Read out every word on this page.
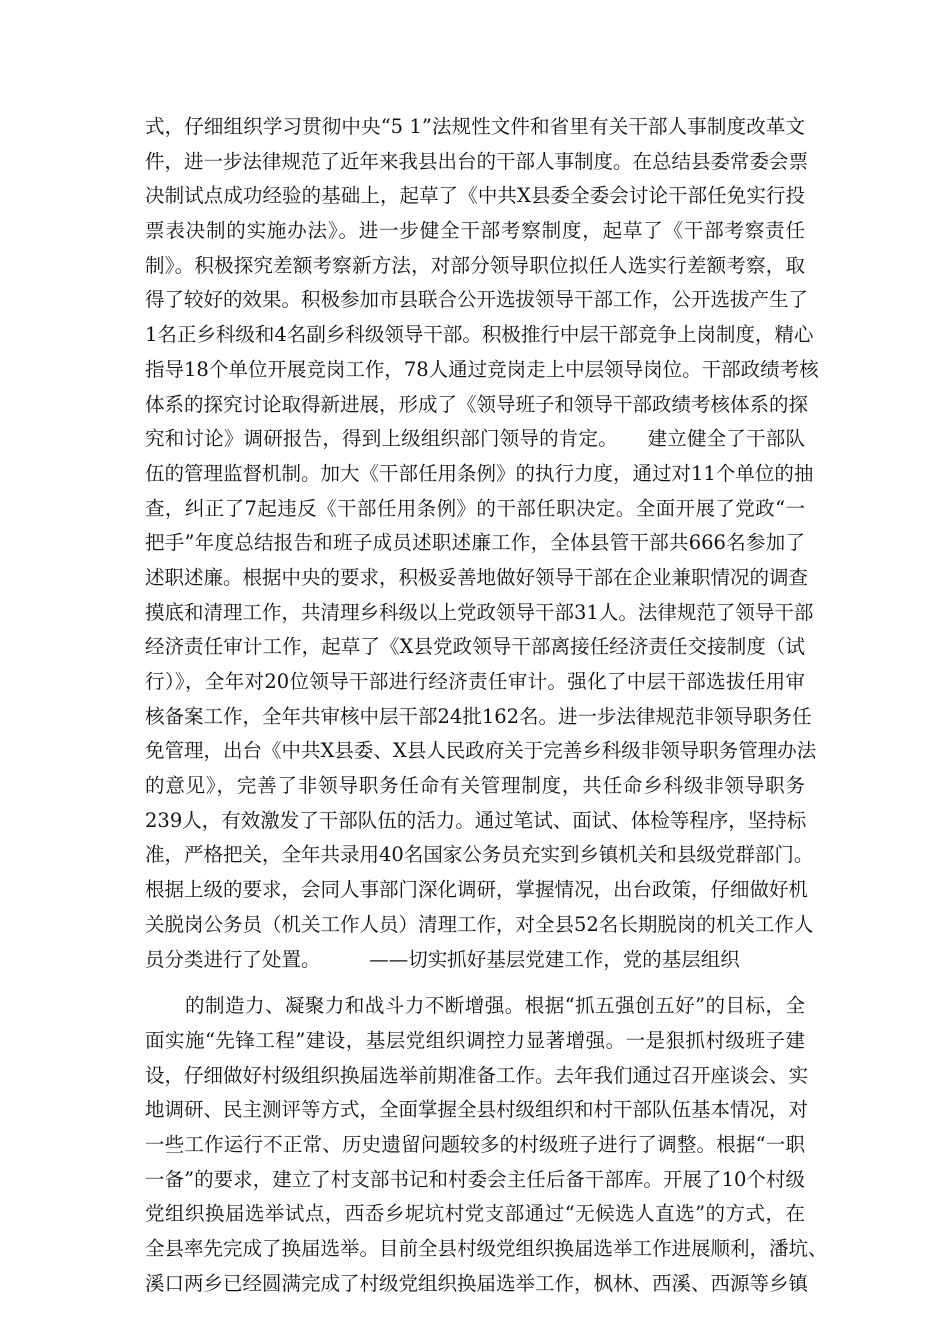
式，仔细组织学习贯彻中央“5 1”法规性文件和省里有关干部人事制度改革文
件，进一步法律规范了近年来我县出台的干部人事制度。在总结县委常委会票
决制试点成功经验的基础上，起草了《中共X县委全委会讨论干部任免实行投
票表决制的实施办法》。进一步健全干部考察制度，起草了《干部考察责任
制》。积极探究差额考察新方法，对部分领导职位拟任人选实行差额考察，取
得了较好的效果。积极参加市县联合公开选拔领导干部工作，公开选拔产生了
1名正乡科级和4名副乡科级领导干部。积极推行中层干部竞争上岗制度，精心
指导18个单位开展竞岗工作，78人通过竞岗走上中层领导岗位。干部政绩考核
体系的探究讨论取得新进展，形成了《领导班子和领导干部政绩考核体系的探
究和讨论》调研报告，得到上级组织部门领导的肯定。　　建立健全了干部队
伍的管理监督机制。加大《干部任用条例》的执行力度，通过对11个单位的抽
查，纠正了7起违反《干部任用条例》的干部任职决定。全面开展了党政“一
把手”年度总结报告和班子成员述职述廉工作，全体县管干部共666名参加了
述职述廉。根据中央的要求，积极妥善地做好领导干部在企业兼职情况的调查
摸底和清理工作，共清理乡科级以上党政领导干部31人。法律规范了领导干部
经济责任审计工作，起草了《X县党政领导干部离接任经济责任交接制度（试
行）》，全年对20位领导干部进行经济责任审计。强化了中层干部选拔任用审
核备案工作，全年共审核中层干部24批162名。进一步法律规范非领导职务任
免管理，出台《中共X县委、X县人民政府关于完善乡科级非领导职务管理办法
的意见》，完善了非领导职务任命有关管理制度，共任命乡科级非领导职务
239人，有效激发了干部队伍的活力。通过笔试、面试、体检等程序，坚持标
准，严格把关，全年共录用40名国家公务员充实到乡镇机关和县级党群部门。
根据上级的要求，会同人事部门深化调研，掌握情况，出台政策，仔细做好机
关脱岗公务员（机关工作人员）清理工作，对全县52名长期脱岗的机关工作人
员分类进行了处置。　　　——切实抓好基层党建工作，党的基层组织
的制造力、凝聚力和战斗力不断增强。根据“抓五强创五好”的目标，全
面实施“先锋工程”建设，基层党组织调控力显著增强。一是狠抓村级班子建
设，仔细做好村级组织换届选举前期准备工作。去年我们通过召开座谈会、实
地调研、民主测评等方式，全面掌握全县村级组织和村干部队伍基本情况，对
一些工作运行不正常、历史遗留问题较多的村级班子进行了调整。根据“一职
一备”的要求，建立了村支部书记和村委会主任后备干部库。开展了10个村级
党组织换届选举试点，西岙乡坭坑村党支部通过“无候选人直选”的方式，在
全县率先完成了换届选举。目前全县村级党组织换届选举工作进展顺利，潘坑、
溪口两乡已经圆满完成了村级党组织换届选举工作，枫林、西溪、西源等乡镇
